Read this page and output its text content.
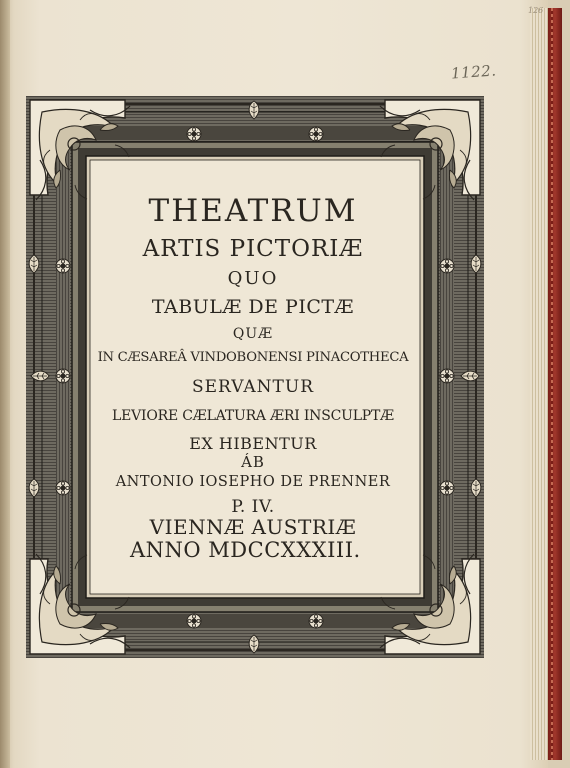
126
1122.
THEATRUM
ARTIS PICTORIÆ
QUO
TABULÆ DE PICTÆ
QUÆ
IN CÆSAREÂ VINDOBONENSI PINACOTHECA
SERVANTUR
LEVIORE CÆLATURA ÆRI INSCULPTÆ
EX HIBENTUR
ÁB
ANTONIO IOSEPHO DE PRENNER
P. IV.
VIENNÆ AUSTRIÆ
ANNO MDCCXXXIII.
